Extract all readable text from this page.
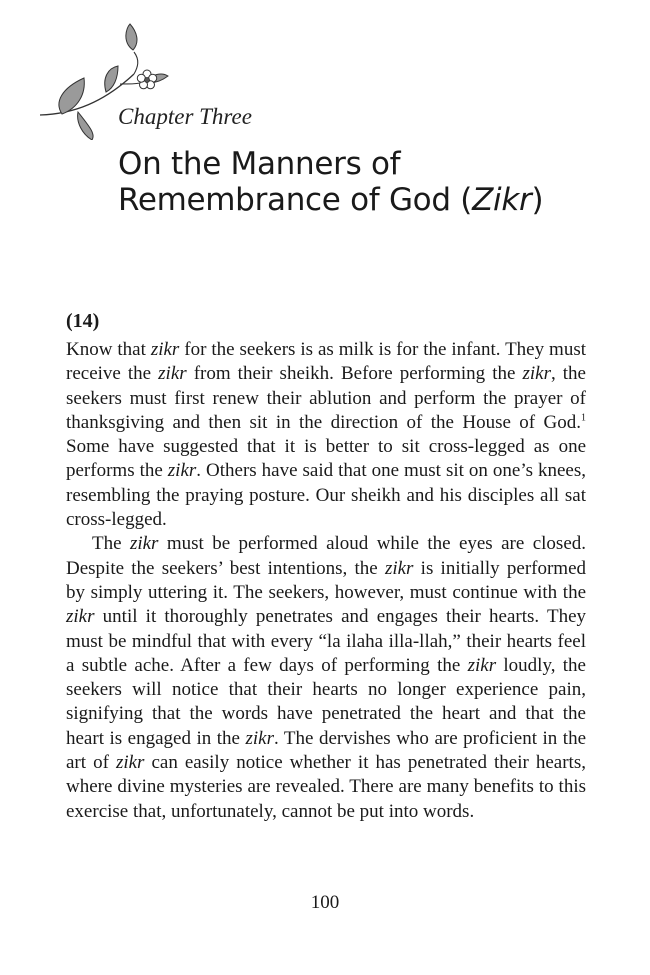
Chapter Three
On the Manners of
Remembrance of God (Zikr)
(14)

Know that zikr for the seekers is as milk is for the infant. They must receive the zikr from their sheikh. Before performing the zikr, the seekers must first renew their ablution and perform the prayer of thanksgiving and then sit in the direction of the House of God.$^1$ Some have suggested that it is better to sit cross-legged as one performs the zikr. Others have said that one must sit on one’s knees, resembling the praying posture. Our sheikh and his disciples all sat cross-legged.

The zikr must be performed aloud while the eyes are closed. Despite the seekers’ best intentions, the zikr is initially performed by simply uttering it. The seekers, however, must continue with the zikr until it thoroughly penetrates and engages their hearts. They must be mindful that with every “la ilaha illa-llah,” their hearts feel a subtle ache. After a few days of performing the zikr loudly, the seekers will notice that their hearts no longer experience pain, signifying that the words have penetrated the heart and that the heart is engaged in the zikr. The dervishes who are proficient in the art of zikr can easily notice whether it has penetrated their hearts, where divine mysteries are revealed. There are many benefits to this exercise that, unfortunately, cannot be put into words.

100
